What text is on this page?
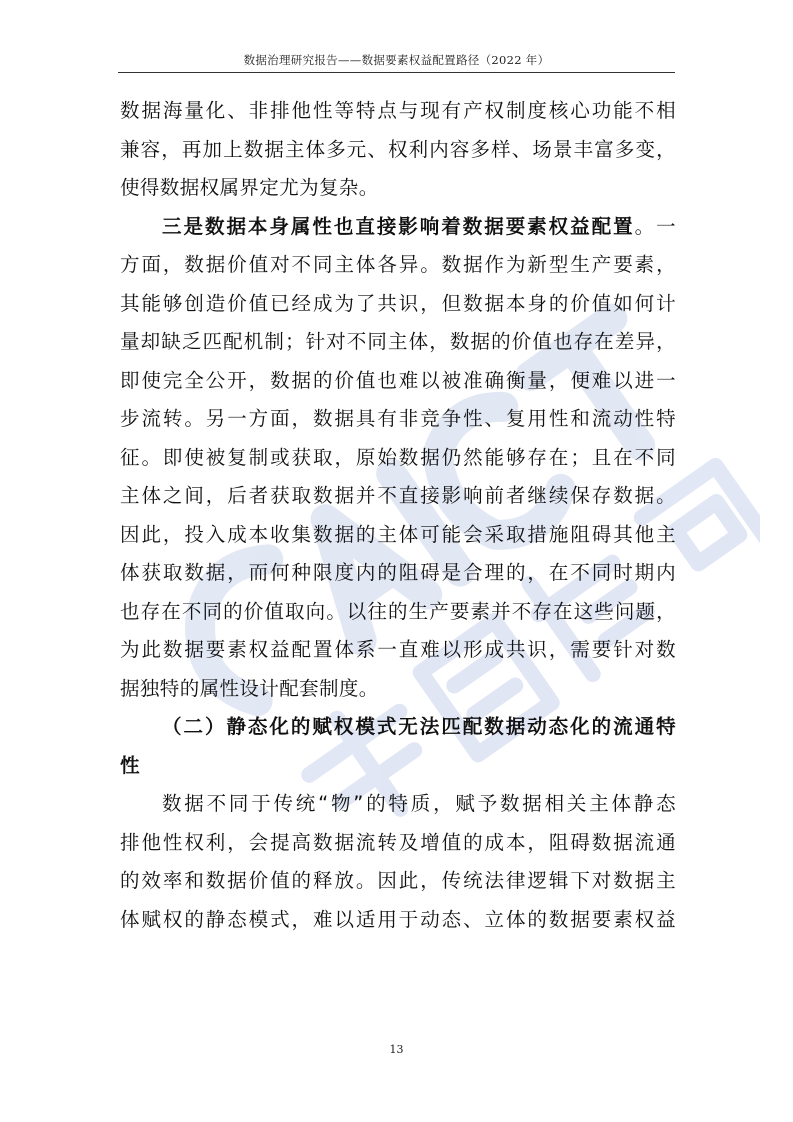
数据治理研究报告——数据要素权益配置路径（2022 年）
数据海量化、非排他性等特点与现有产权制度核心功能不相
兼容，再加上数据主体多元、权利内容多样、场景丰富多变，
使得数据权属界定尤为复杂。
三是数据本身属性也直接影响着数据要素权益配置。一
方面，数据价值对不同主体各异。数据作为新型生产要素，
其能够创造价值已经成为了共识，但数据本身的价值如何计
量却缺乏匹配机制；针对不同主体，数据的价值也存在差异，
即使完全公开，数据的价值也难以被准确衡量，便难以进一
步流转。另一方面，数据具有非竞争性、复用性和流动性特
征。即使被复制或获取，原始数据仍然能够存在；且在不同
主体之间，后者获取数据并不直接影响前者继续保存数据。
因此，投入成本收集数据的主体可能会采取措施阻碍其他主
体获取数据，而何种限度内的阻碍是合理的，在不同时期内
也存在不同的价值取向。以往的生产要素并不存在这些问题，
为此数据要素权益配置体系一直难以形成共识，需要针对数
据独特的属性设计配套制度。
（二）静态化的赋权模式无法匹配数据动态化的流通特
性
数据不同于传统“物”的特质，赋予数据相关主体静态
排他性权利，会提高数据流转及增值的成本，阻碍数据流通
的效率和数据价值的释放。因此，传统法律逻辑下对数据主
体赋权的静态模式，难以适用于动态、立体的数据要素权益
13
